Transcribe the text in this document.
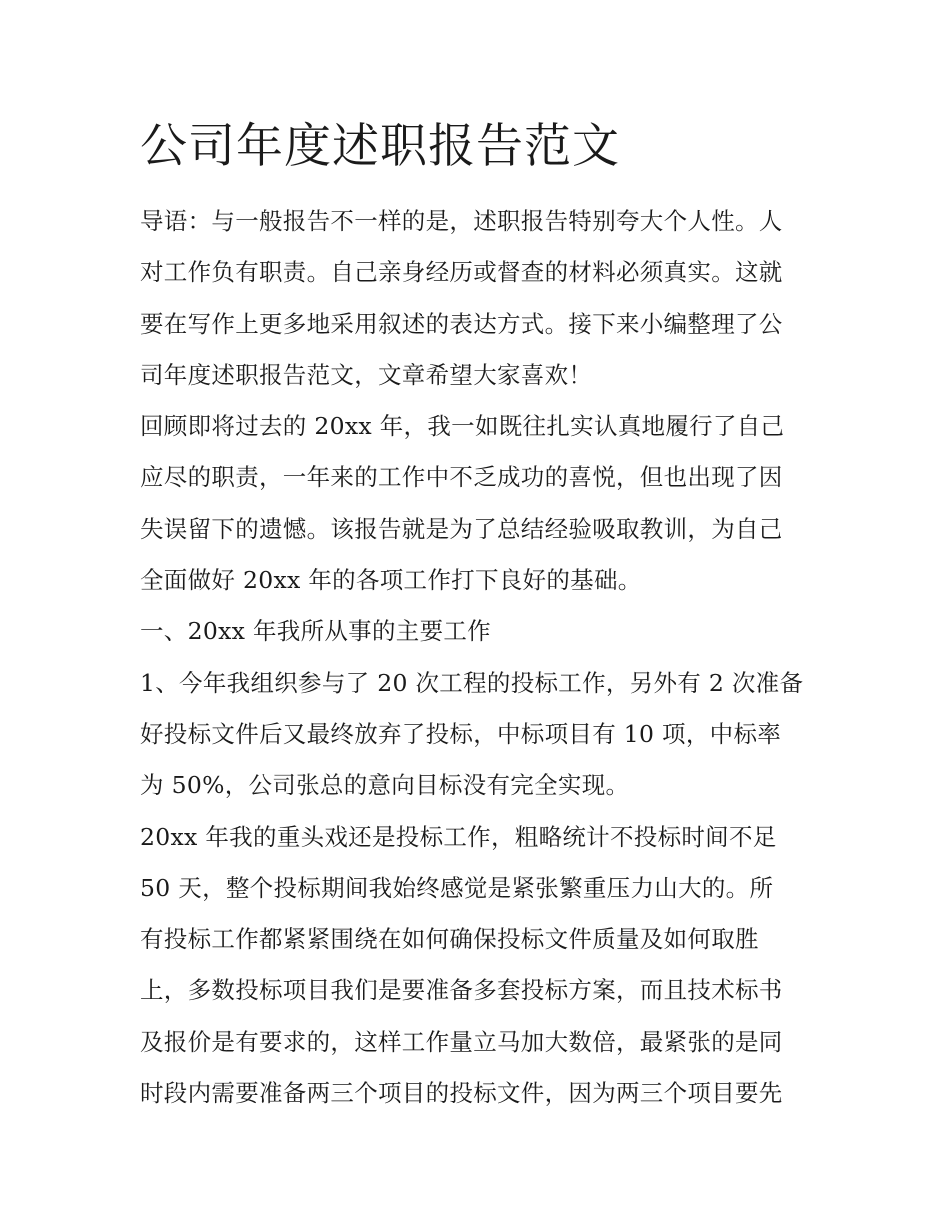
公司年度述职报告范文
导语：与一般报告不一样的是，述职报告特别夸大个人性。人
对工作负有职责。自己亲身经历或督查的材料必须真实。这就
要在写作上更多地采用叙述的表达方式。接下来小编整理了公
司年度述职报告范文，文章希望大家喜欢！
回顾即将过去的 20xx 年，我一如既往扎实认真地履行了自己
应尽的职责，一年来的工作中不乏成功的喜悦，但也出现了因
失误留下的遗憾。该报告就是为了总结经验吸取教训，为自己
全面做好 20xx 年的各项工作打下良好的基础。
一、20xx 年我所从事的主要工作
1、今年我组织参与了 20 次工程的投标工作，另外有 2 次准备
好投标文件后又最终放弃了投标，中标项目有 10 项，中标率
为 50%，公司张总的意向目标没有完全实现。
20xx 年我的重头戏还是投标工作，粗略统计不投标时间不足
50 天，整个投标期间我始终感觉是紧张繁重压力山大的。所
有投标工作都紧紧围绕在如何确保投标文件质量及如何取胜
上，多数投标项目我们是要准备多套投标方案，而且技术标书
及报价是有要求的，这样工作量立马加大数倍，最紧张的是同
时段内需要准备两三个项目的投标文件，因为两三个项目要先
